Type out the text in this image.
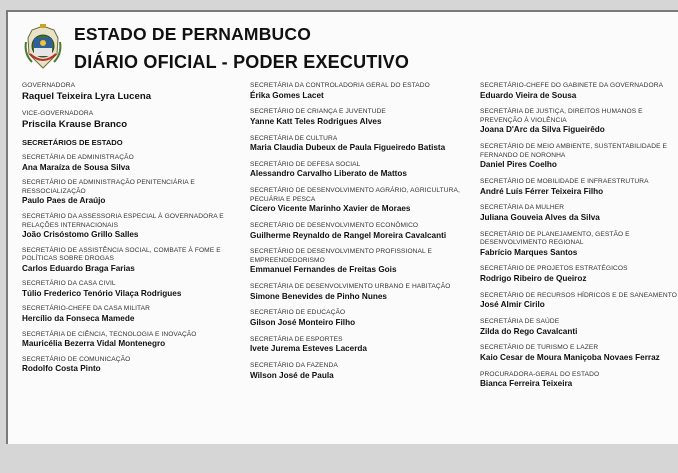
ESTADO DE PERNAMBUCO
DIÁRIO OFICIAL - PODER EXECUTIVO
GOVERNADORA
Raquel Teixeira Lyra Lucena
VICE-GOVERNADORA
Priscila Krause Branco
SECRETÁRIOS DE ESTADO
SECRETÁRIA DE ADMINISTRAÇÃO
Ana Maraíza de Sousa Silva
SECRETÁRIO DE ADMINISTRAÇÃO PENITENCIÁRIA E RESSOCIALIZAÇÃO
Paulo Paes de Araújo
SECRETÁRIO DA ASSESSORIA ESPECIAL À GOVERNADORA E RELAÇÕES INTERNACIONAIS
João Crisóstomo Grillo Salles
SECRETÁRIO DE ASSISTÊNCIA SOCIAL, COMBATE À FOME E POLÍTICAS SOBRE DROGAS
Carlos Eduardo Braga Farias
SECRETÁRIO DA CASA CIVIL
Túlio Frederico Tenório Vilaça Rodrigues
SECRETÁRIO-CHEFE DA CASA MILITAR
Hercílio da Fonseca Mamede
SECRETÁRIA DE CIÊNCIA, TECNOLOGIA E INOVAÇÃO
Mauricélia Bezerra Vidal Montenegro
SECRETÁRIO DE COMUNICAÇÃO
Rodolfo Costa Pinto
SECRETÁRIA DA CONTROLADORIA GERAL DO ESTADO
Érika Gomes Lacet
SECRETÁRIO DE CRIANÇA E JUVENTUDE
Yanne Katt Teles Rodrigues Alves
SECRETÁRIA DE CULTURA
Maria Claudia Dubeux de Paula Figueiredo Batista
SECRETÁRIO DE DEFESA SOCIAL
Alessandro Carvalho Liberato de Mattos
SECRETÁRIO DE DESENVOLVIMENTO AGRÁRIO, AGRICULTURA, PECUÁRIA E PESCA
Cícero Vicente Marinho Xavier de Moraes
SECRETÁRIO DE DESENVOLVIMENTO ECONÔMICO
Guilherme Reynaldo de Rangel Moreira Cavalcanti
SECRETÁRIO DE DESENVOLVIMENTO PROFISSIONAL E EMPREENDEDORISMO
Emmanuel Fernandes de Freitas Gois
SECRETÁRIA DE DESENVOLVIMENTO URBANO E HABITAÇÃO
Simone Benevides de Pinho Nunes
SECRETÁRIO DE EDUCAÇÃO
Gilson José Monteiro Filho
SECRETÁRIA DE ESPORTES
Ivete Jurema Esteves Lacerda
SECRETÁRIO DA FAZENDA
Wilson José de Paula
SECRETÁRIO-CHEFE DO GABINETE DA GOVERNADORA
Eduardo Vieira de Sousa
SECRETÁRIA DE JUSTIÇA, DIREITOS HUMANOS E PREVENÇÃO À VIOLÊNCIA
Joana D'Arc da Silva Figueirêdo
SECRETÁRIO DE MEIO AMBIENTE, SUSTENTABILIDADE E FERNANDO DE NORONHA
Daniel Pires Coelho
SECRETÁRIO DE MOBILIDADE E INFRAESTRUTURA
André Luís Férrer Teixeira Filho
SECRETÁRIA DA MULHER
Juliana Gouveia Alves da Silva
SECRETÁRIO DE PLANEJAMENTO, GESTÃO E DESENVOLVIMENTO REGIONAL
Fabrício Marques Santos
SECRETÁRIO DE PROJETOS ESTRATÉGICOS
Rodrigo Ribeiro de Queiroz
SECRETÁRIO DE RECURSOS HÍDRICOS E DE SANEAMENTO
José Almir Cirilo
SECRETÁRIA DE SAÚDE
Zilda do Rego Cavalcanti
SECRETÁRIO DE TURISMO E LAZER
Kaio Cesar de Moura Maniçoba Novaes Ferraz
PROCURADORA-GERAL DO ESTADO
Bianca Ferreira Teixeira
